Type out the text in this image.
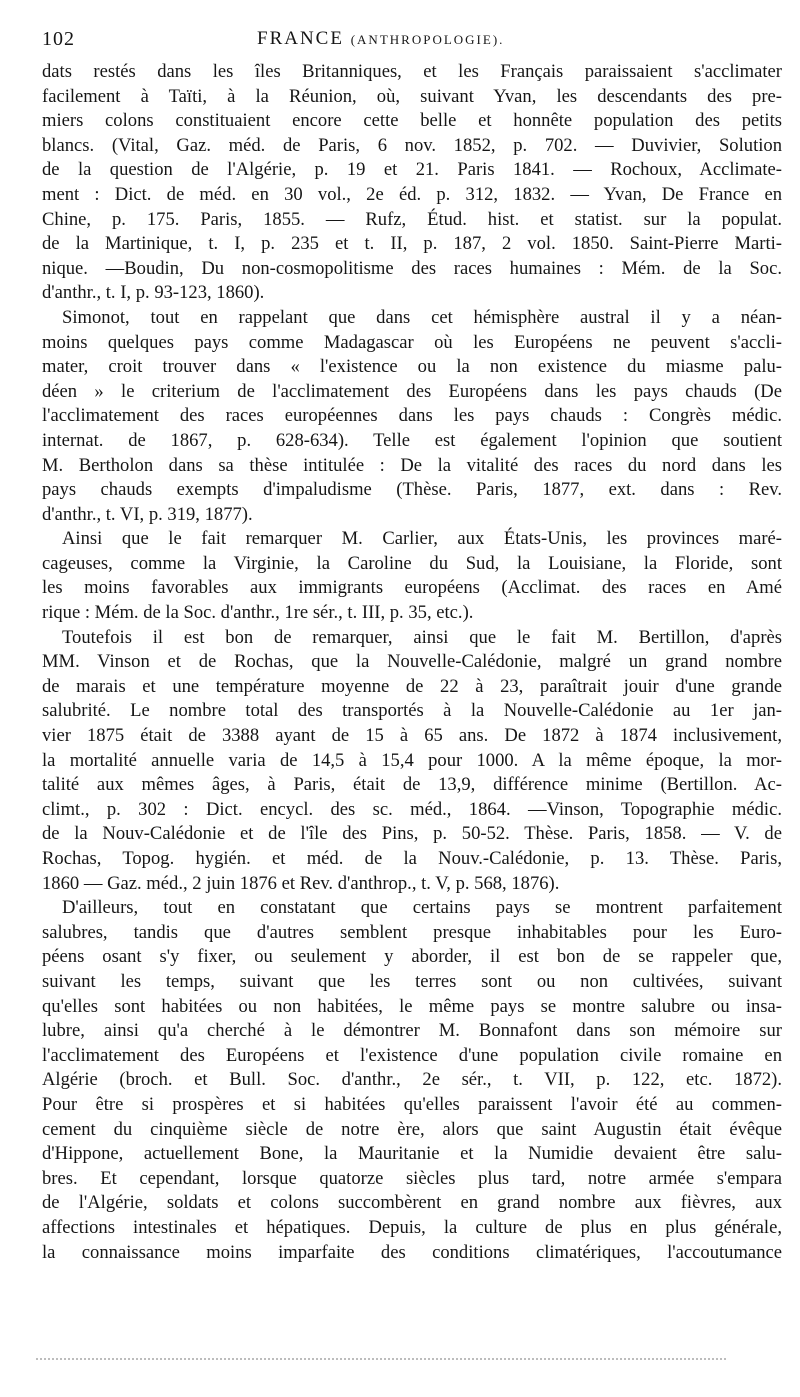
102	FRANCE (ANTHROPOLOGIE).
dats restés dans les îles Britanniques, et les Français paraissaient s'acclimater
facilement à Taïti, à la Réunion, où, suivant Yvan, les descendants des pre-
miers colons constituaient encore cette belle et honnête population des petits
blancs. (Vital, Gaz. méd. de Paris, 6 nov. 1852, p. 702. — Duvivier, Solution
de la question de l'Algérie, p. 19 et 21. Paris 1841. — Rochoux, Acclimate-
ment : Dict. de méd. en 30 vol., 2e éd. p. 312, 1832. — Yvan, De France en
Chine, p. 175. Paris, 1855. — Rufz, Étud. hist. et statist. sur la populat.
de la Martinique, t. I, p. 235 et t. II, p. 187, 2 vol. 1850. Saint-Pierre Marti-
nique. —Boudin, Du non-cosmopolitisme des races humaines : Mém. de la Soc.
d'anthr., t. I, p. 93-123, 1860).
Simonot, tout en rappelant que dans cet hémisphère austral il y a néan-
moins quelques pays comme Madagascar où les Européens ne peuvent s'accli-
mater, croit trouver dans « l'existence ou la non existence du miasme palu-
déen » le criterium de l'acclimatement des Européens dans les pays chauds (De
l'acclimatement des races européennes dans les pays chauds : Congrès médic.
internat. de 1867, p. 628-634). Telle est également l'opinion que soutient
M. Bertholon dans sa thèse intitulée : De la vitalité des races du nord dans les
pays chauds exempts d'impaludisme (Thèse. Paris, 1877, ext. dans : Rev.
d'anthr., t. VI, p. 319, 1877).
Ainsi que le fait remarquer M. Carlier, aux États-Unis, les provinces maré-
cageuses, comme la Virginie, la Caroline du Sud, la Louisiane, la Floride, sont
les moins favorables aux immigrants européens (Acclimat. des races en Amé
rique : Mém. de la Soc. d'anthr., 1re sér., t. III, p. 35, etc.).
Toutefois il est bon de remarquer, ainsi que le fait M. Bertillon, d'après
MM. Vinson et de Rochas, que la Nouvelle-Calédonie, malgré un grand nombre
de marais et une température moyenne de 22 à 23, paraîtrait jouir d'une grande
salubrité. Le nombre total des transportés à la Nouvelle-Calédonie au 1er jan-
vier 1875 était de 3388 ayant de 15 à 65 ans. De 1872 à 1874 inclusivement,
la mortalité annuelle varia de 14,5 à 15,4 pour 1000. A la même époque, la mor-
talité aux mêmes âges, à Paris, était de 13,9, différence minime (Bertillon. Ac-
climt., p. 302 : Dict. encycl. des sc. méd., 1864. —Vinson, Topographie médic.
de la Nouv-Calédonie et de l'île des Pins, p. 50-52. Thèse. Paris, 1858. — V. de
Rochas, Topog. hygién. et méd. de la Nouv.-Calédonie, p. 13. Thèse. Paris,
1860 — Gaz. méd., 2 juin 1876 et Rev. d'anthrop., t. V, p. 568, 1876).
D'ailleurs, tout en constatant que certains pays se montrent parfaitement
salubres, tandis que d'autres semblent presque inhabitables pour les Euro-
péens osant s'y fixer, ou seulement y aborder, il est bon de se rappeler que,
suivant les temps, suivant que les terres sont ou non cultivées, suivant
qu'elles sont habitées ou non habitées, le même pays se montre salubre ou insa-
lubre, ainsi qu'a cherché à le démontrer M. Bonnafont dans son mémoire sur
l'acclimatement des Européens et l'existence d'une population civile romaine en
Algérie (broch. et Bull. Soc. d'anthr., 2e sér., t. VII, p. 122, etc. 1872).
Pour être si prospères et si habitées qu'elles paraissent l'avoir été au commen-
cement du cinquième siècle de notre ère, alors que saint Augustin était évêque
d'Hippone, actuellement Bone, la Mauritanie et la Numidie devaient être salu-
bres. Et cependant, lorsque quatorze siècles plus tard, notre armée s'empara
de l'Algérie, soldats et colons succombèrent en grand nombre aux fièvres, aux
affections intestinales et hépatiques. Depuis, la culture de plus en plus générale,
la connaissance moins imparfaite des conditions climatériques, l'accoutumance
